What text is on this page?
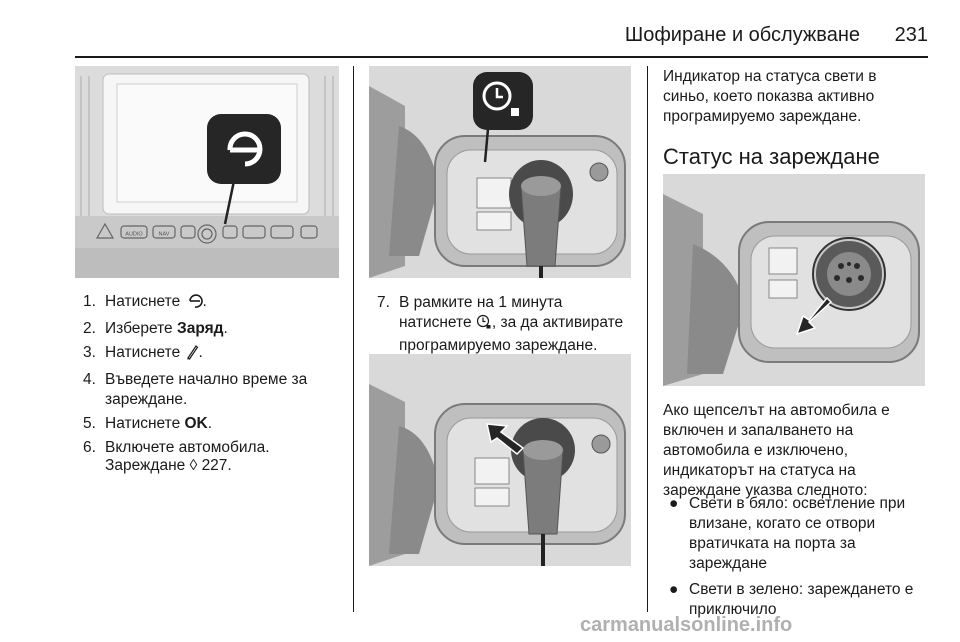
Шофиране и обслужване	231
AUDIO	NAV
1. Натиснете .
2. Изберете Заряд.
3. Натиснете .
4. Въведете начално време за зареждане.
5. Натиснете OK.
6. Включете автомобила.
Зареждане ◊ 227.
7. В рамките на 1 минута
натиснете , за да активирате
програмируемо зареждане.
Индикатор на статуса свети в синьо, което показва активно програмируемо зареждане.
Статус на зареждане
Ако щепселът на автомобила е включен и запалването на автомобила е изключено, индикаторът на статуса на зареждане указва следното:
● Свети в бяло: осветление при влизане, когато се отвори вратичката на порта за зареждане
● Свети в зелено: зареждането е приключило
carmanualsonline.info
